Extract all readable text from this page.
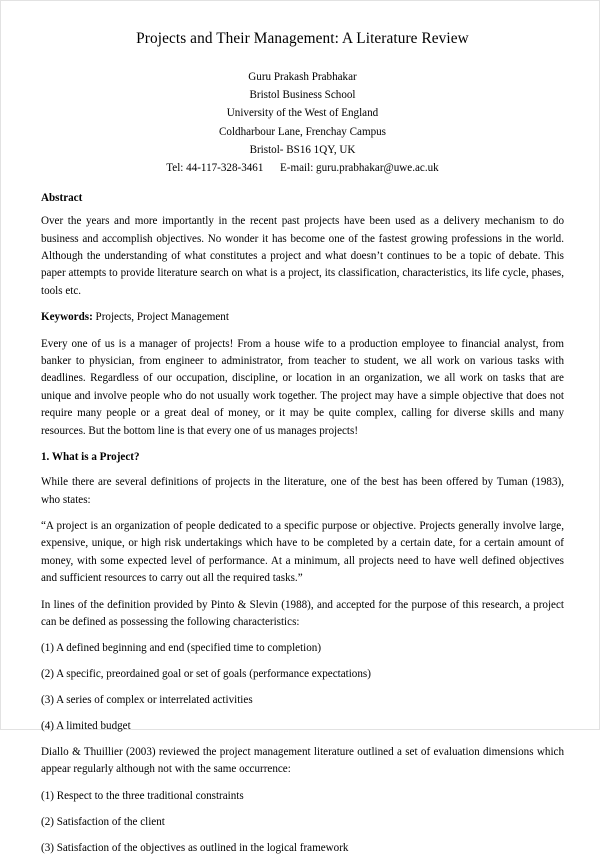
Projects and Their Management: A Literature Review
Guru Prakash Prabhakar
Bristol Business School
University of the West of England
Coldharbour Lane, Frenchay Campus
Bristol- BS16 1QY, UK
Tel: 44-117-328-3461      E-mail: guru.prabhakar@uwe.ac.uk
Abstract

Over the years and more importantly in the recent past projects have been used as a delivery mechanism to do business and accomplish objectives. No wonder it has become one of the fastest growing professions in the world. Although the understanding of what constitutes a project and what doesn’t continues to be a topic of debate. This paper attempts to provide literature search on what is a project, its classification, characteristics, its life cycle, phases, tools etc.

Keywords: Projects, Project Management

Every one of us is a manager of projects! From a house wife to a production employee to financial analyst, from banker to physician, from engineer to administrator, from teacher to student, we all work on various tasks with deadlines. Regardless of our occupation, discipline, or location in an organization, we all work on tasks that are unique and involve people who do not usually work together. The project may have a simple objective that does not require many people or a great deal of money, or it may be quite complex, calling for diverse skills and many resources. But the bottom line is that every one of us manages projects!

1. What is a Project?

While there are several definitions of projects in the literature, one of the best has been offered by Tuman (1983), who states:

“A project is an organization of people dedicated to a specific purpose or objective. Projects generally involve large, expensive, unique, or high risk undertakings which have to be completed by a certain date, for a certain amount of money, with some expected level of performance. At a minimum, all projects need to have well defined objectives and sufficient resources to carry out all the required tasks.”

In lines of the definition provided by Pinto & Slevin (1988), and accepted for the purpose of this research, a project can be defined as possessing the following characteristics:

(1) A defined beginning and end (specified time to completion)
(2) A specific, preordained goal or set of goals (performance expectations)
(3) A series of complex or interrelated activities
(4) A limited budget

Diallo & Thuillier (2003) reviewed the project management literature outlined a set of evaluation dimensions which appear regularly although not with the same occurrence:

(1) Respect to the three traditional constraints
(2) Satisfaction of the client
(3) Satisfaction of the objectives as outlined in the logical framework
